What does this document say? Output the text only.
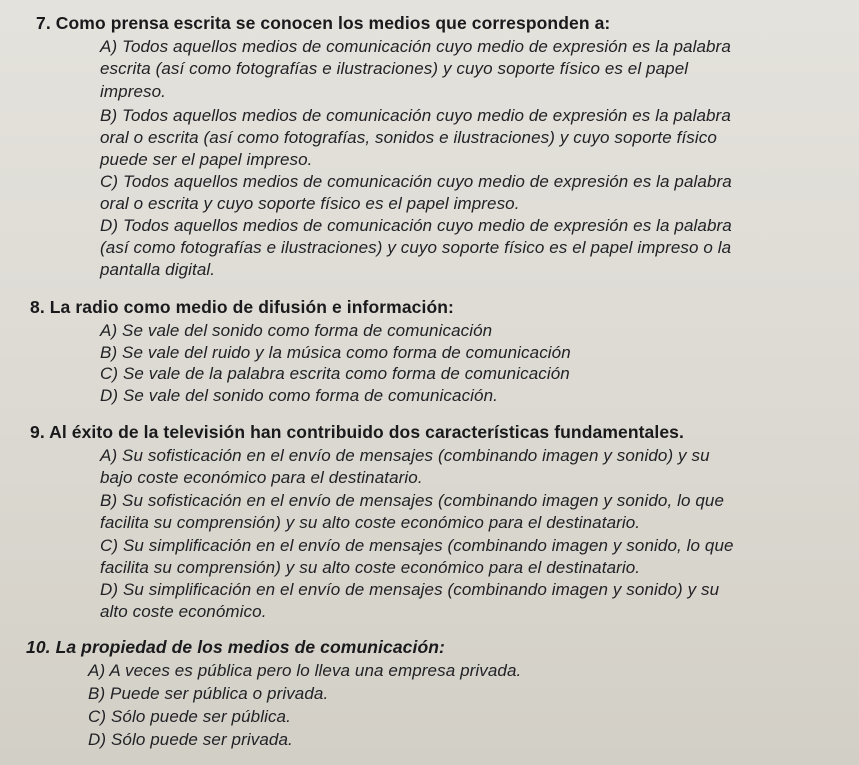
7. Como prensa escrita se conocen los medios que corresponden a:
A) Todos aquellos medios de comunicación cuyo medio de expresión es la palabra
escrita (así como fotografías e ilustraciones) y cuyo soporte físico es el papel
impreso.
B) Todos aquellos medios de comunicación cuyo medio de expresión es la palabra
oral o escrita (así como fotografías, sonidos e ilustraciones) y cuyo soporte físico
puede ser el papel impreso.
C) Todos aquellos medios de comunicación cuyo medio de expresión es la palabra
oral o escrita y cuyo soporte físico es el papel impreso.
D) Todos aquellos medios de comunicación cuyo medio de expresión es la palabra
(así como fotografías e ilustraciones) y cuyo soporte físico es el papel impreso o la
pantalla digital.
8. La radio como medio de difusión e información:
A) Se vale del sonido como forma de comunicación
B) Se vale del ruido y la música como forma de comunicación
C) Se vale de la palabra escrita como forma de comunicación
D) Se vale del sonido como forma de comunicación.
9. Al éxito de la televisión han contribuido dos características fundamentales.
A) Su sofisticación en el envío de mensajes (combinando imagen y sonido) y su
bajo coste económico para el destinatario.
B) Su sofisticación en el envío de mensajes (combinando imagen y sonido, lo que
facilita su comprensión) y su alto coste económico para el destinatario.
C) Su simplificación en el envío de mensajes (combinando imagen y sonido, lo que
facilita su comprensión) y su alto coste económico para el destinatario.
D) Su simplificación en el envío de mensajes (combinando imagen y sonido) y su
alto coste económico.
10. La propiedad de los medios de comunicación:
A) A veces es pública pero lo lleva una empresa privada.
B) Puede ser pública o privada.
C) Sólo puede ser pública.
D) Sólo puede ser privada.
